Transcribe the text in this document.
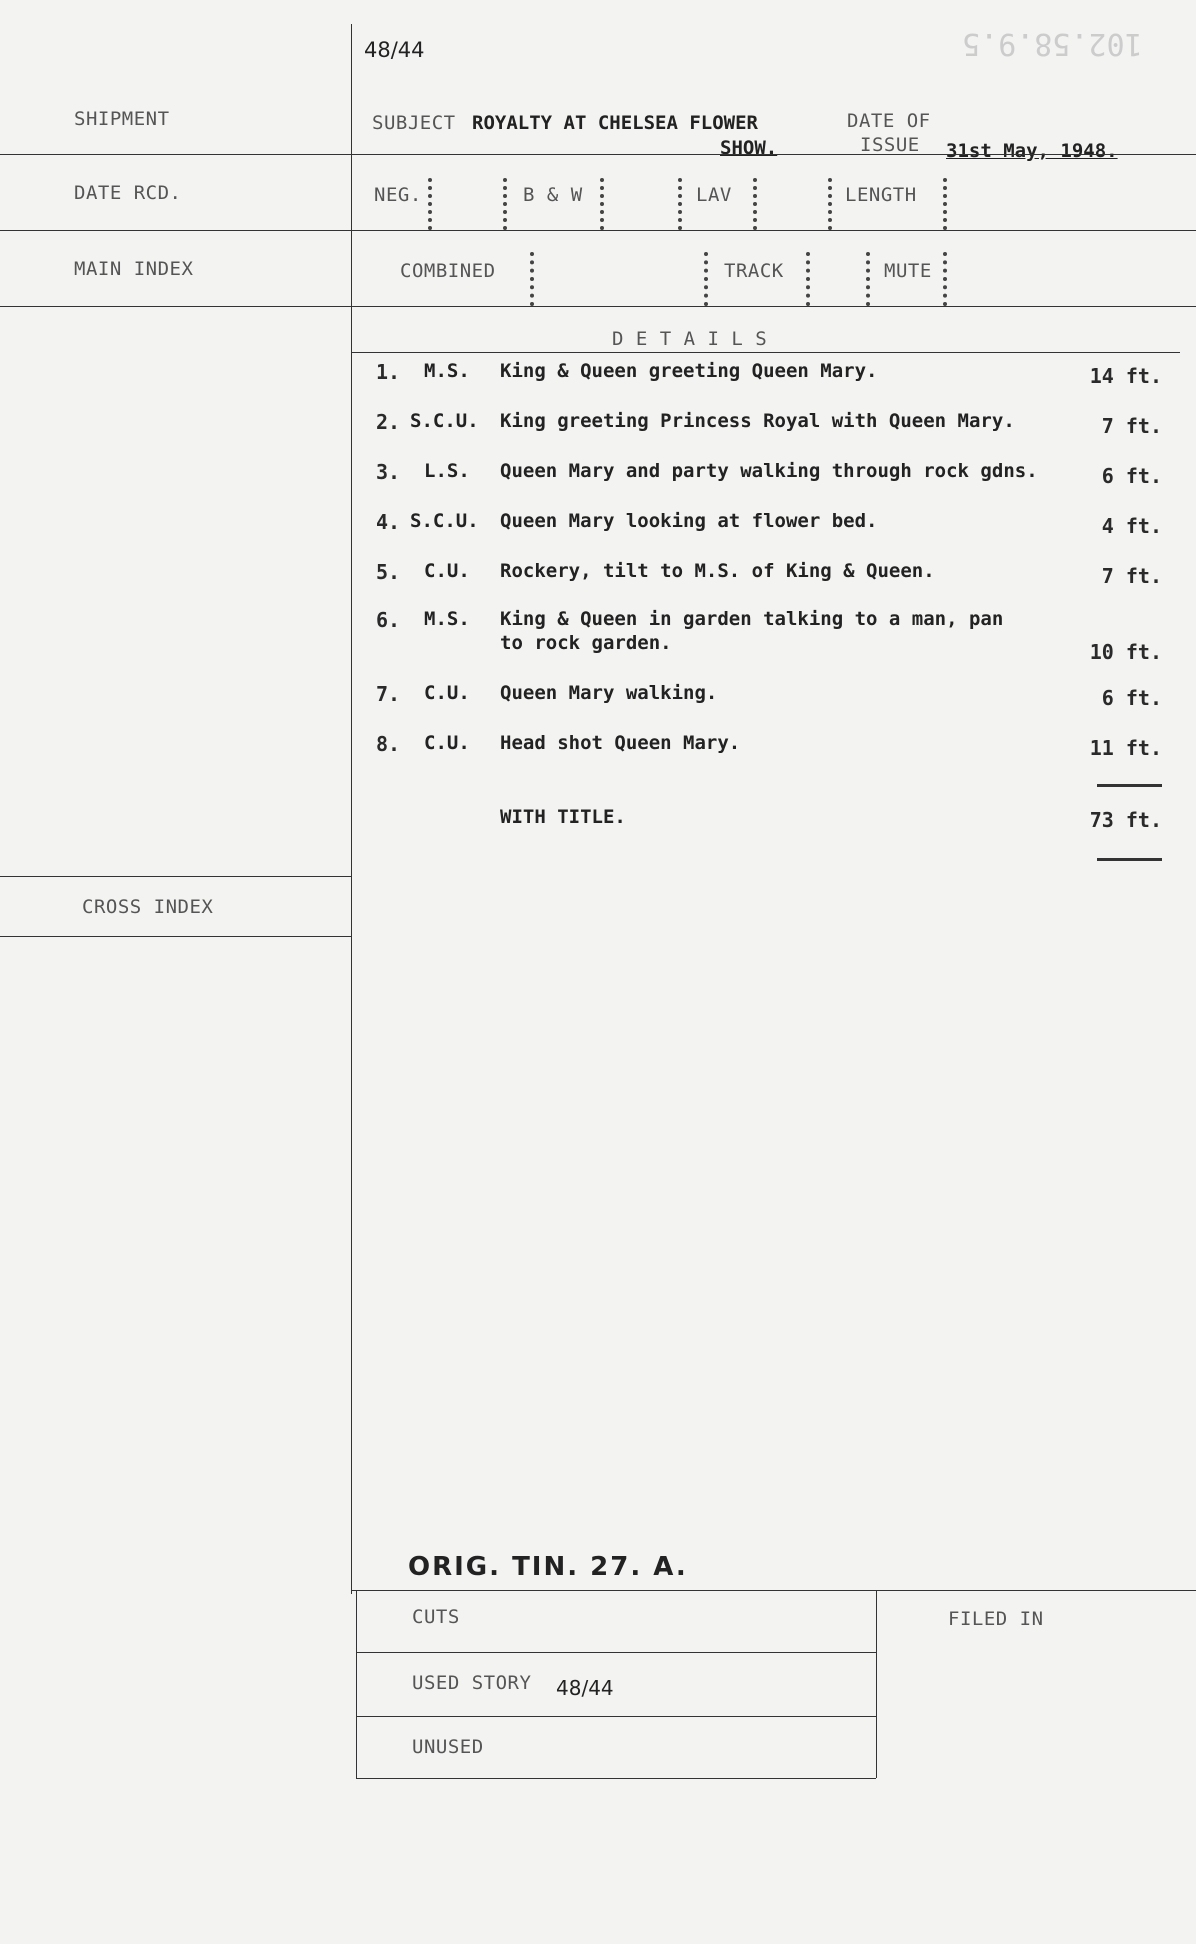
102.58.9.5
48/44
SHIPMENT	SUBJECT ROYALTY AT CHELSEA FLOWER
SHOW.
DATE OF
ISSUE 31st May, 1948.
DATE RCD.	NEG.	B & W	LAV	LENGTH
MAIN INDEX	COMBINED	TRACK	MUTE
D E T A I L S
1. M.S. King & Queen greeting Queen Mary.	14 ft.
2. S.C.U. King greeting Princess Royal with Queen Mary.	7 ft.
3. L.S. Queen Mary and party walking through rock gdns.	6 ft.
4. S.C.U. Queen Mary looking at flower bed.	4 ft.
5. C.U. Rockery, tilt to M.S. of King & Queen.	7 ft.
6. M.S. King & Queen in garden talking to a man, pan
to rock garden.	10 ft.
7. C.U. Queen Mary walking.	6 ft.
8. C.U. Head shot Queen Mary.	11 ft.
WITH TITLE.	73 ft.
CROSS INDEX
ORIG. TIN. 27. A.
CUTS	FILED IN
USED STORY 48/44
UNUSED
